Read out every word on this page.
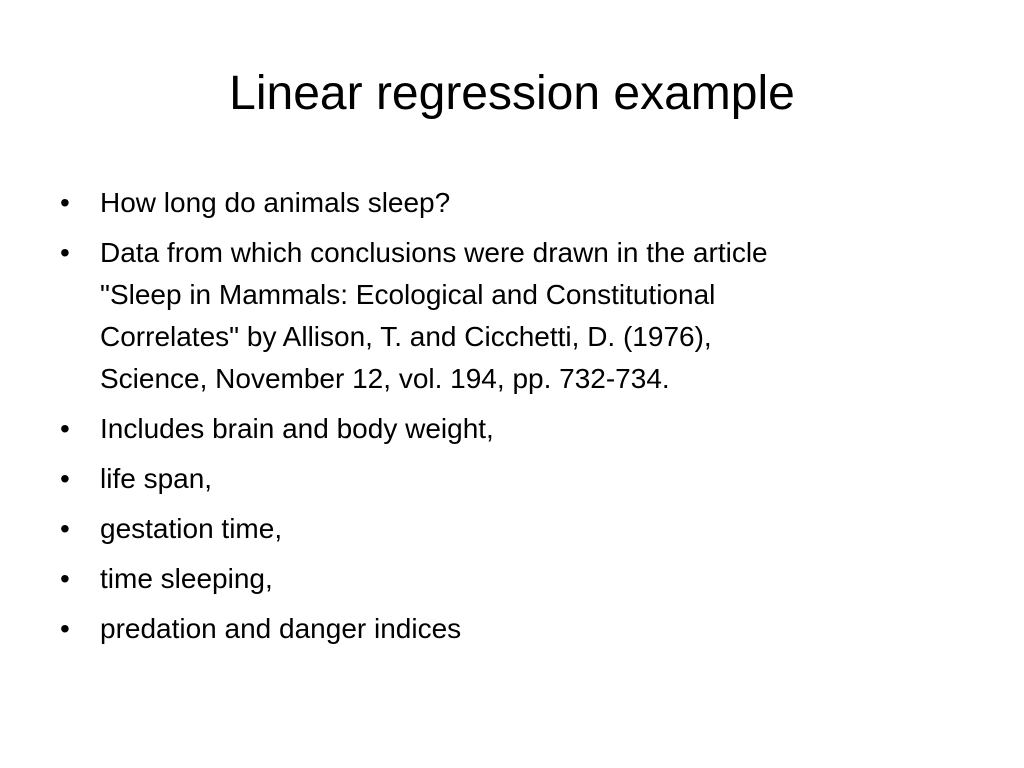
Linear regression example
•	How long do animals sleep?
•	Data from which conclusions were drawn in the article
"Sleep in Mammals: Ecological and Constitutional
Correlates" by Allison, T. and Cicchetti, D. (1976),
Science, November 12, vol. 194, pp. 732-734.
•	Includes brain and body weight,
•	life span,
•	gestation time,
•	time sleeping,
•	predation and danger indices
